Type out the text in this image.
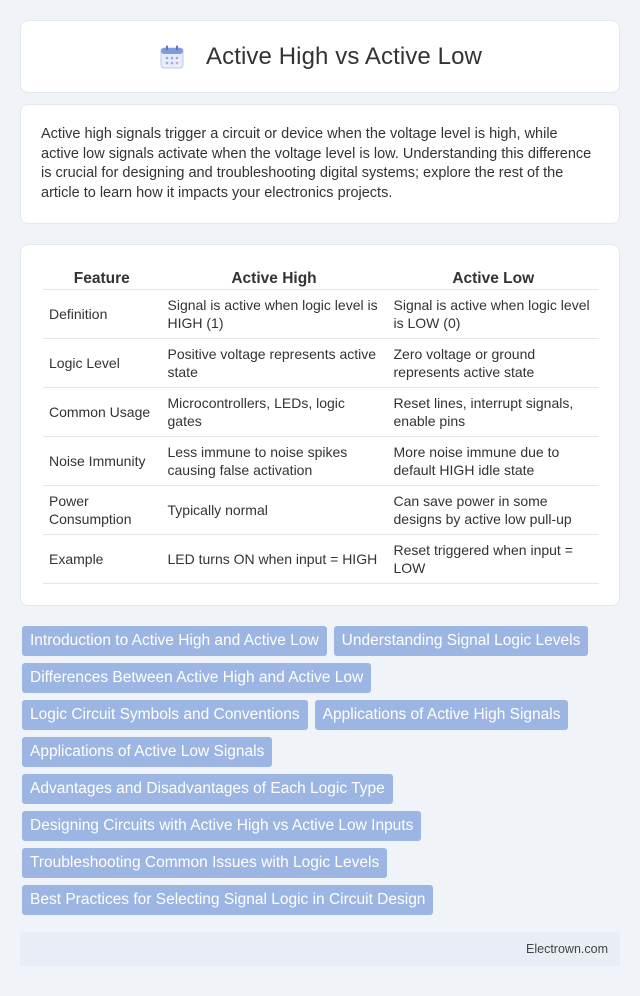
Active High vs Active Low

Active high signals trigger a circuit or device when the voltage level is high, while active low signals activate when the voltage level is low. Understanding this difference is crucial for designing and troubleshooting digital systems; explore the rest of the article to learn how it impacts your electronics projects.

Feature	Active High	Active Low
Definition	Signal is active when logic level is HIGH (1)	Signal is active when logic level is LOW (0)
Logic Level	Positive voltage represents active state	Zero voltage or ground represents active state
Common Usage	Microcontrollers, LEDs, logic gates	Reset lines, interrupt signals, enable pins
Noise Immunity	Less immune to noise spikes causing false activation	More noise immune due to default HIGH idle state
Power Consumption	Typically normal	Can save power in some designs by active low pull-up
Example	LED turns ON when input = HIGH	Reset triggered when input = LOW
Introduction to Active High and Active Low	Understanding Signal Logic Levels
Differences Between Active High and Active Low
Logic Circuit Symbols and Conventions	Applications of Active High Signals
Applications of Active Low Signals
Advantages and Disadvantages of Each Logic Type
Designing Circuits with Active High vs Active Low Inputs
Troubleshooting Common Issues with Logic Levels
Best Practices for Selecting Signal Logic in Circuit Design
Electrown.com
